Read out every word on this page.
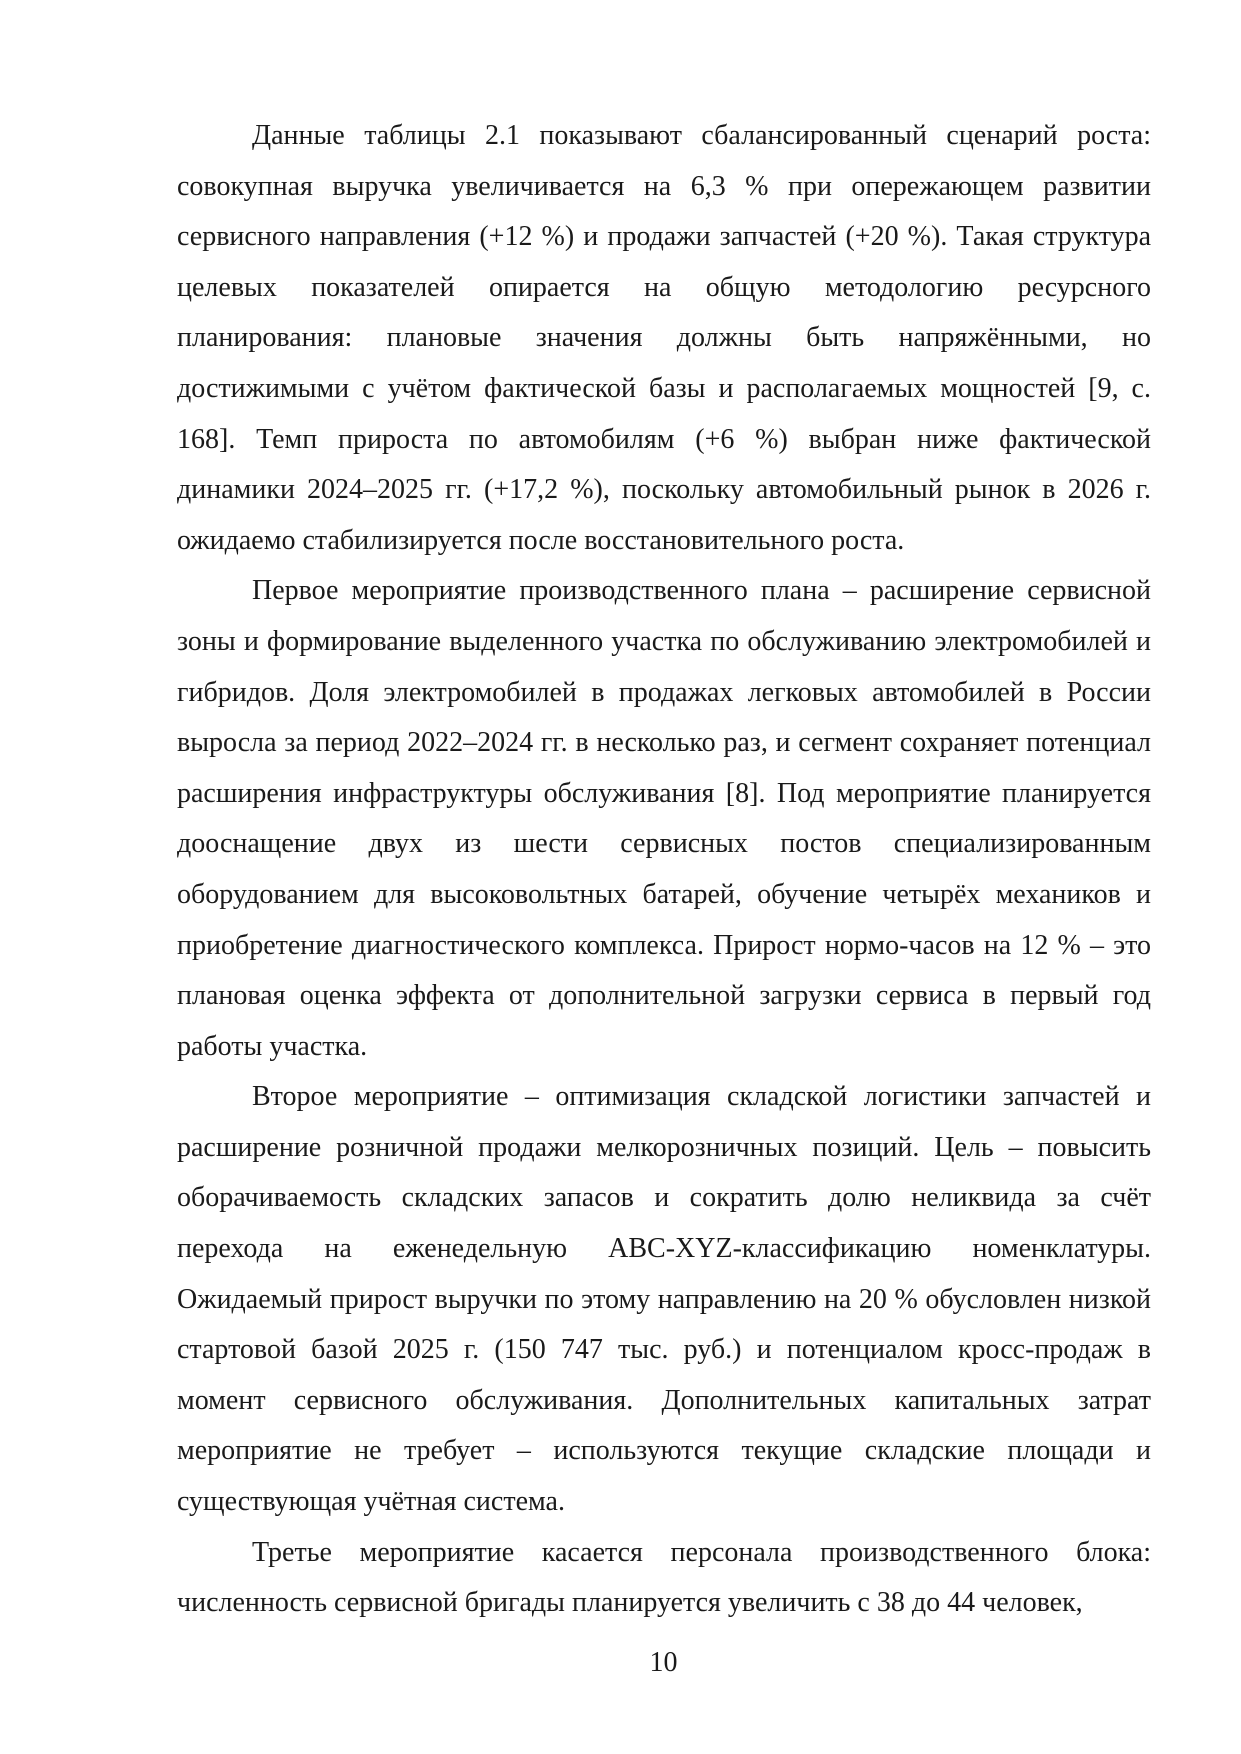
Данные таблицы 2.1 показывают сбалансированный сценарий роста: совокупная выручка увеличивается на 6,3 % при опережающем развитии сервисного направления (+12 %) и продажи запчастей (+20 %). Такая структура целевых показателей опирается на общую методологию ресурсного планирования: плановые значения должны быть напряжёнными, но достижимыми с учётом фактической базы и располагаемых мощностей [9, с. 168]. Темп прироста по автомобилям (+6 %) выбран ниже фактической динамики 2024–2025 гг. (+17,2 %), поскольку автомобильный рынок в 2026 г. ожидаемо стабилизируется после восстановительного роста.

Первое мероприятие производственного плана – расширение сервисной зоны и формирование выделенного участка по обслуживанию электромобилей и гибридов. Доля электромобилей в продажах легковых автомобилей в России выросла за период 2022–2024 гг. в несколько раз, и сегмент сохраняет потенциал расширения инфраструктуры обслуживания [8]. Под мероприятие планируется дооснащение двух из шести сервисных постов специализированным оборудованием для высоковольтных батарей, обучение четырёх механиков и приобретение диагностического комплекса. Прирост нормо-часов на 12 % – это плановая оценка эффекта от дополнительной загрузки сервиса в первый год работы участка.

Второе мероприятие – оптимизация складской логистики запчастей и расширение розничной продажи мелкорозничных позиций. Цель – повысить оборачиваемость складских запасов и сократить долю неликвида за счёт перехода на еженедельную ABC-XYZ-классификацию номенклатуры. Ожидаемый прирост выручки по этому направлению на 20 % обусловлен низкой стартовой базой 2025 г. (150 747 тыс. руб.) и потенциалом кросс-продаж в момент сервисного обслуживания. Дополнительных капитальных затрат мероприятие не требует – используются текущие складские площади и существующая учётная система.

Третье мероприятие касается персонала производственного блока: численность сервисной бригады планируется увеличить с 38 до 44 человек,

10
